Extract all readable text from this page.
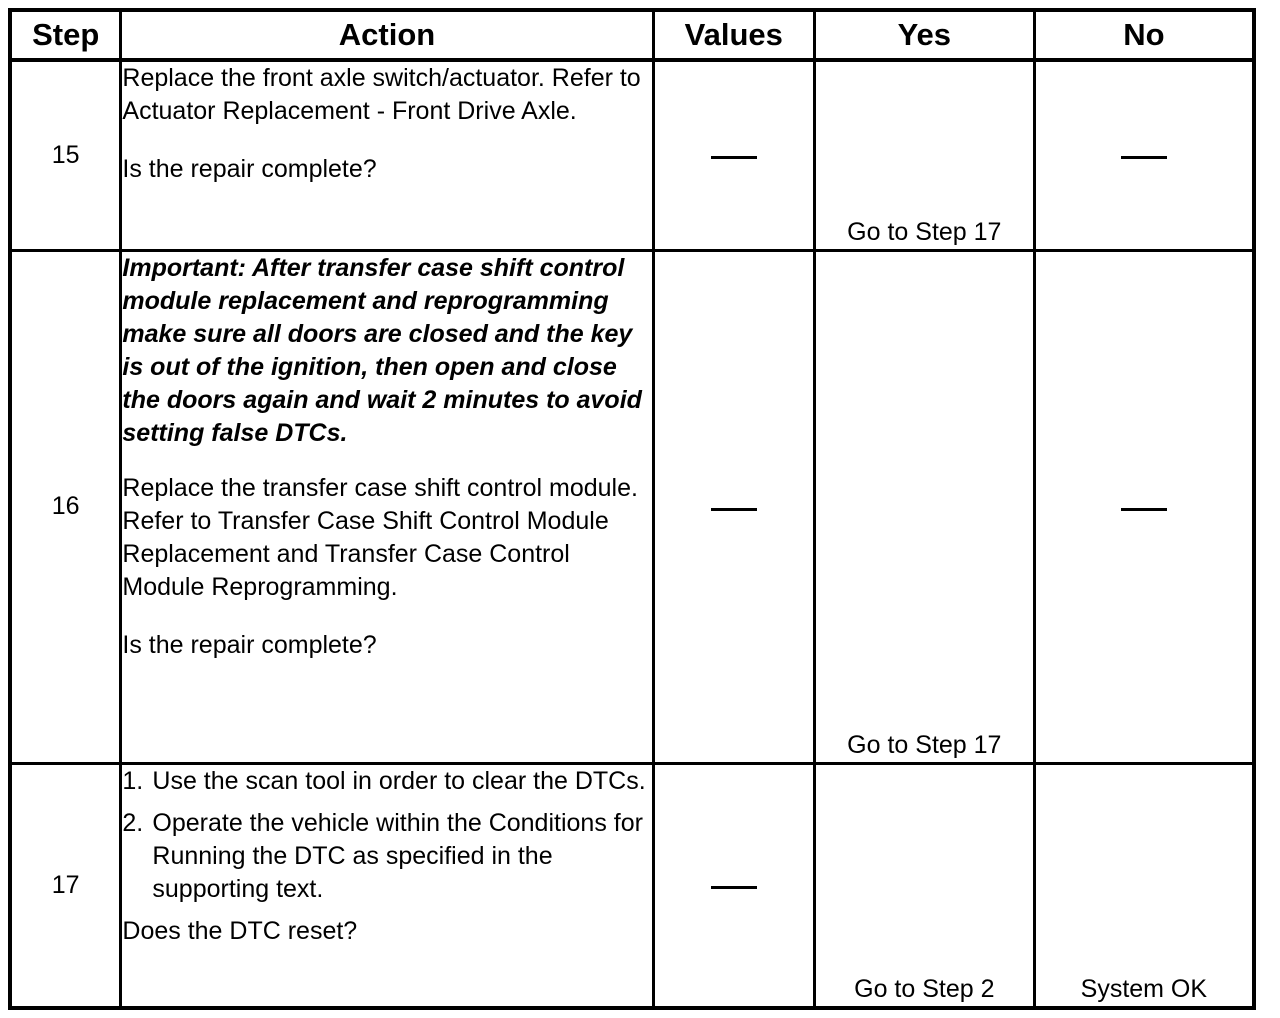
Step	Action	Values	Yes	No
15	Replace the front axle switch/actuator. Refer to Actuator Replacement - Front Drive Axle.

Is the repair complete?		Go to Step 17	
16	Important: After transfer case shift control module replacement and reprogramming make sure all doors are closed and the key is out of the ignition, then open and close the doors again and wait 2 minutes to avoid setting false DTCs.

Replace the transfer case shift control module. Refer to Transfer Case Shift Control Module Replacement and Transfer Case Control Module Reprogramming.

Is the repair complete?		Go to Step 17	
17	1. Use the scan tool in order to clear the DTCs.
2. Operate the vehicle within the Conditions for Running the DTC as specified in the supporting text.

Does the DTC reset?		Go to Step 2	System OK
